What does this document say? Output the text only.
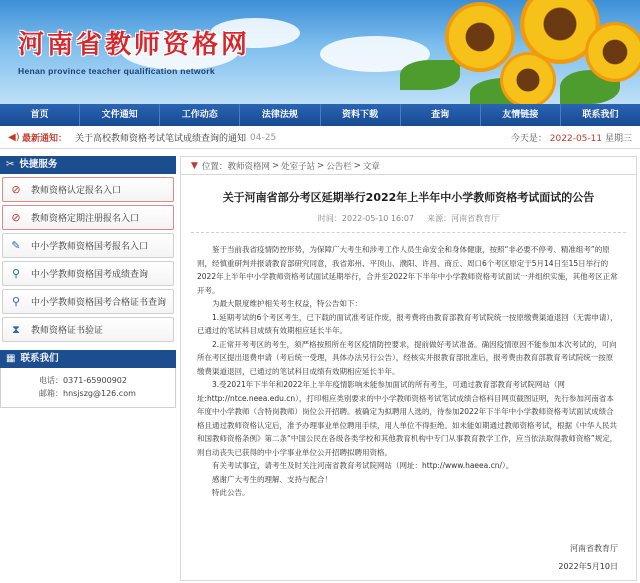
河南省教师资格网
Henan province teacher qualification network
首页	文件通知	工作动态	法律法规	资料下载	查询	友情链接	联系我们
◀) 最新通知： 关于高校教师资格考试笔试成绩查询的通知 04-25	今天是： 2022-05-11 星期三
✂ 快捷服务
⊘ 教师资格认定报名入口
⊘ 教师资格定期注册报名入口
✎ 中小学教师资格国考报名入口
⚲	中小学教师资格国考成绩查询
⚲	中小学教师资格国考合格证书查询
⧗	教师资格证书验证
▦ 联系我们
电话：0371-65900902
邮箱：hnsjszg@126.com
▼ 位置： 教师资格网 > 处室子站 > 公告栏 > 文章
关于河南省部分考区延期举行2022年上半年中小学教师资格考试面试的公告
时间：2022-05-10 16:07 来源：河南省教育厅

鉴于当前我省疫情防控形势，为保障广大考生和涉考工作人员生命安全和身体健康，按照“非必要不停考、精准组考”的原则，经慎重研判并报请教育部研究同意，我省郑州、平顶山、濮阳、许昌、商丘、周口6个考区原定于5月14日至15日举行的2022年上半年中小学教师资格考试面试延期举行，合并至2022年下半年中小学教师资格考试面试一并组织实施，其他考区正常开考。

为最大限度维护相关考生权益，特公告如下：

1.延期考试的6个考区考生，已下载的面试准考证作废，报考费将由教育部教育考试院统一按原缴费渠道退回（无需申请），已通过的笔试科目成绩有效期相应延长半年。

2.正常开考考区的考生，须严格按照所在考区疫情防控要求，提前做好考试准备。确因疫情原因不能参加本次考试的，可向所在考区提出退费申请（考后统一受理，具体办法另行公告），经核实并报教育部批准后，报考费由教育部教育考试院统一按原缴费渠道退回，已通过的笔试科目成绩有效期相应延长半年。

3.受2021年下半年和2022年上半年疫情影响未能参加面试的所有考生，可通过教育部教育考试院网站（网址:http://ntce.neea.edu.cn），打印相应类别要求的中小学教师资格考试笔试成绩合格科目网页截图证明，先行参加河南省本年度中小学教师（含特岗教师）岗位公开招聘。被确定为拟聘用人选的，待参加2022年下半年中小学教师资格考试面试成绩合格且通过教师资格认定后，准予办理事业单位聘用手续，用人单位不得拒绝。如未能如期通过教师资格考试，根据《中华人民共和国教师资格条例》第二条“中国公民在各级各类学校和其他教育机构中专门从事教育教学工作，应当依法取得教师资格”规定，则自动丧失已获得的中小学事业单位公开招聘拟聘用资格。

有关考试事宜，请考生及时关注河南省教育考试院网站（网址：http://www.haeea.cn/）。

感谢广大考生的理解、支持与配合！

特此公告。

河南省教育厅
2022年5月10日
